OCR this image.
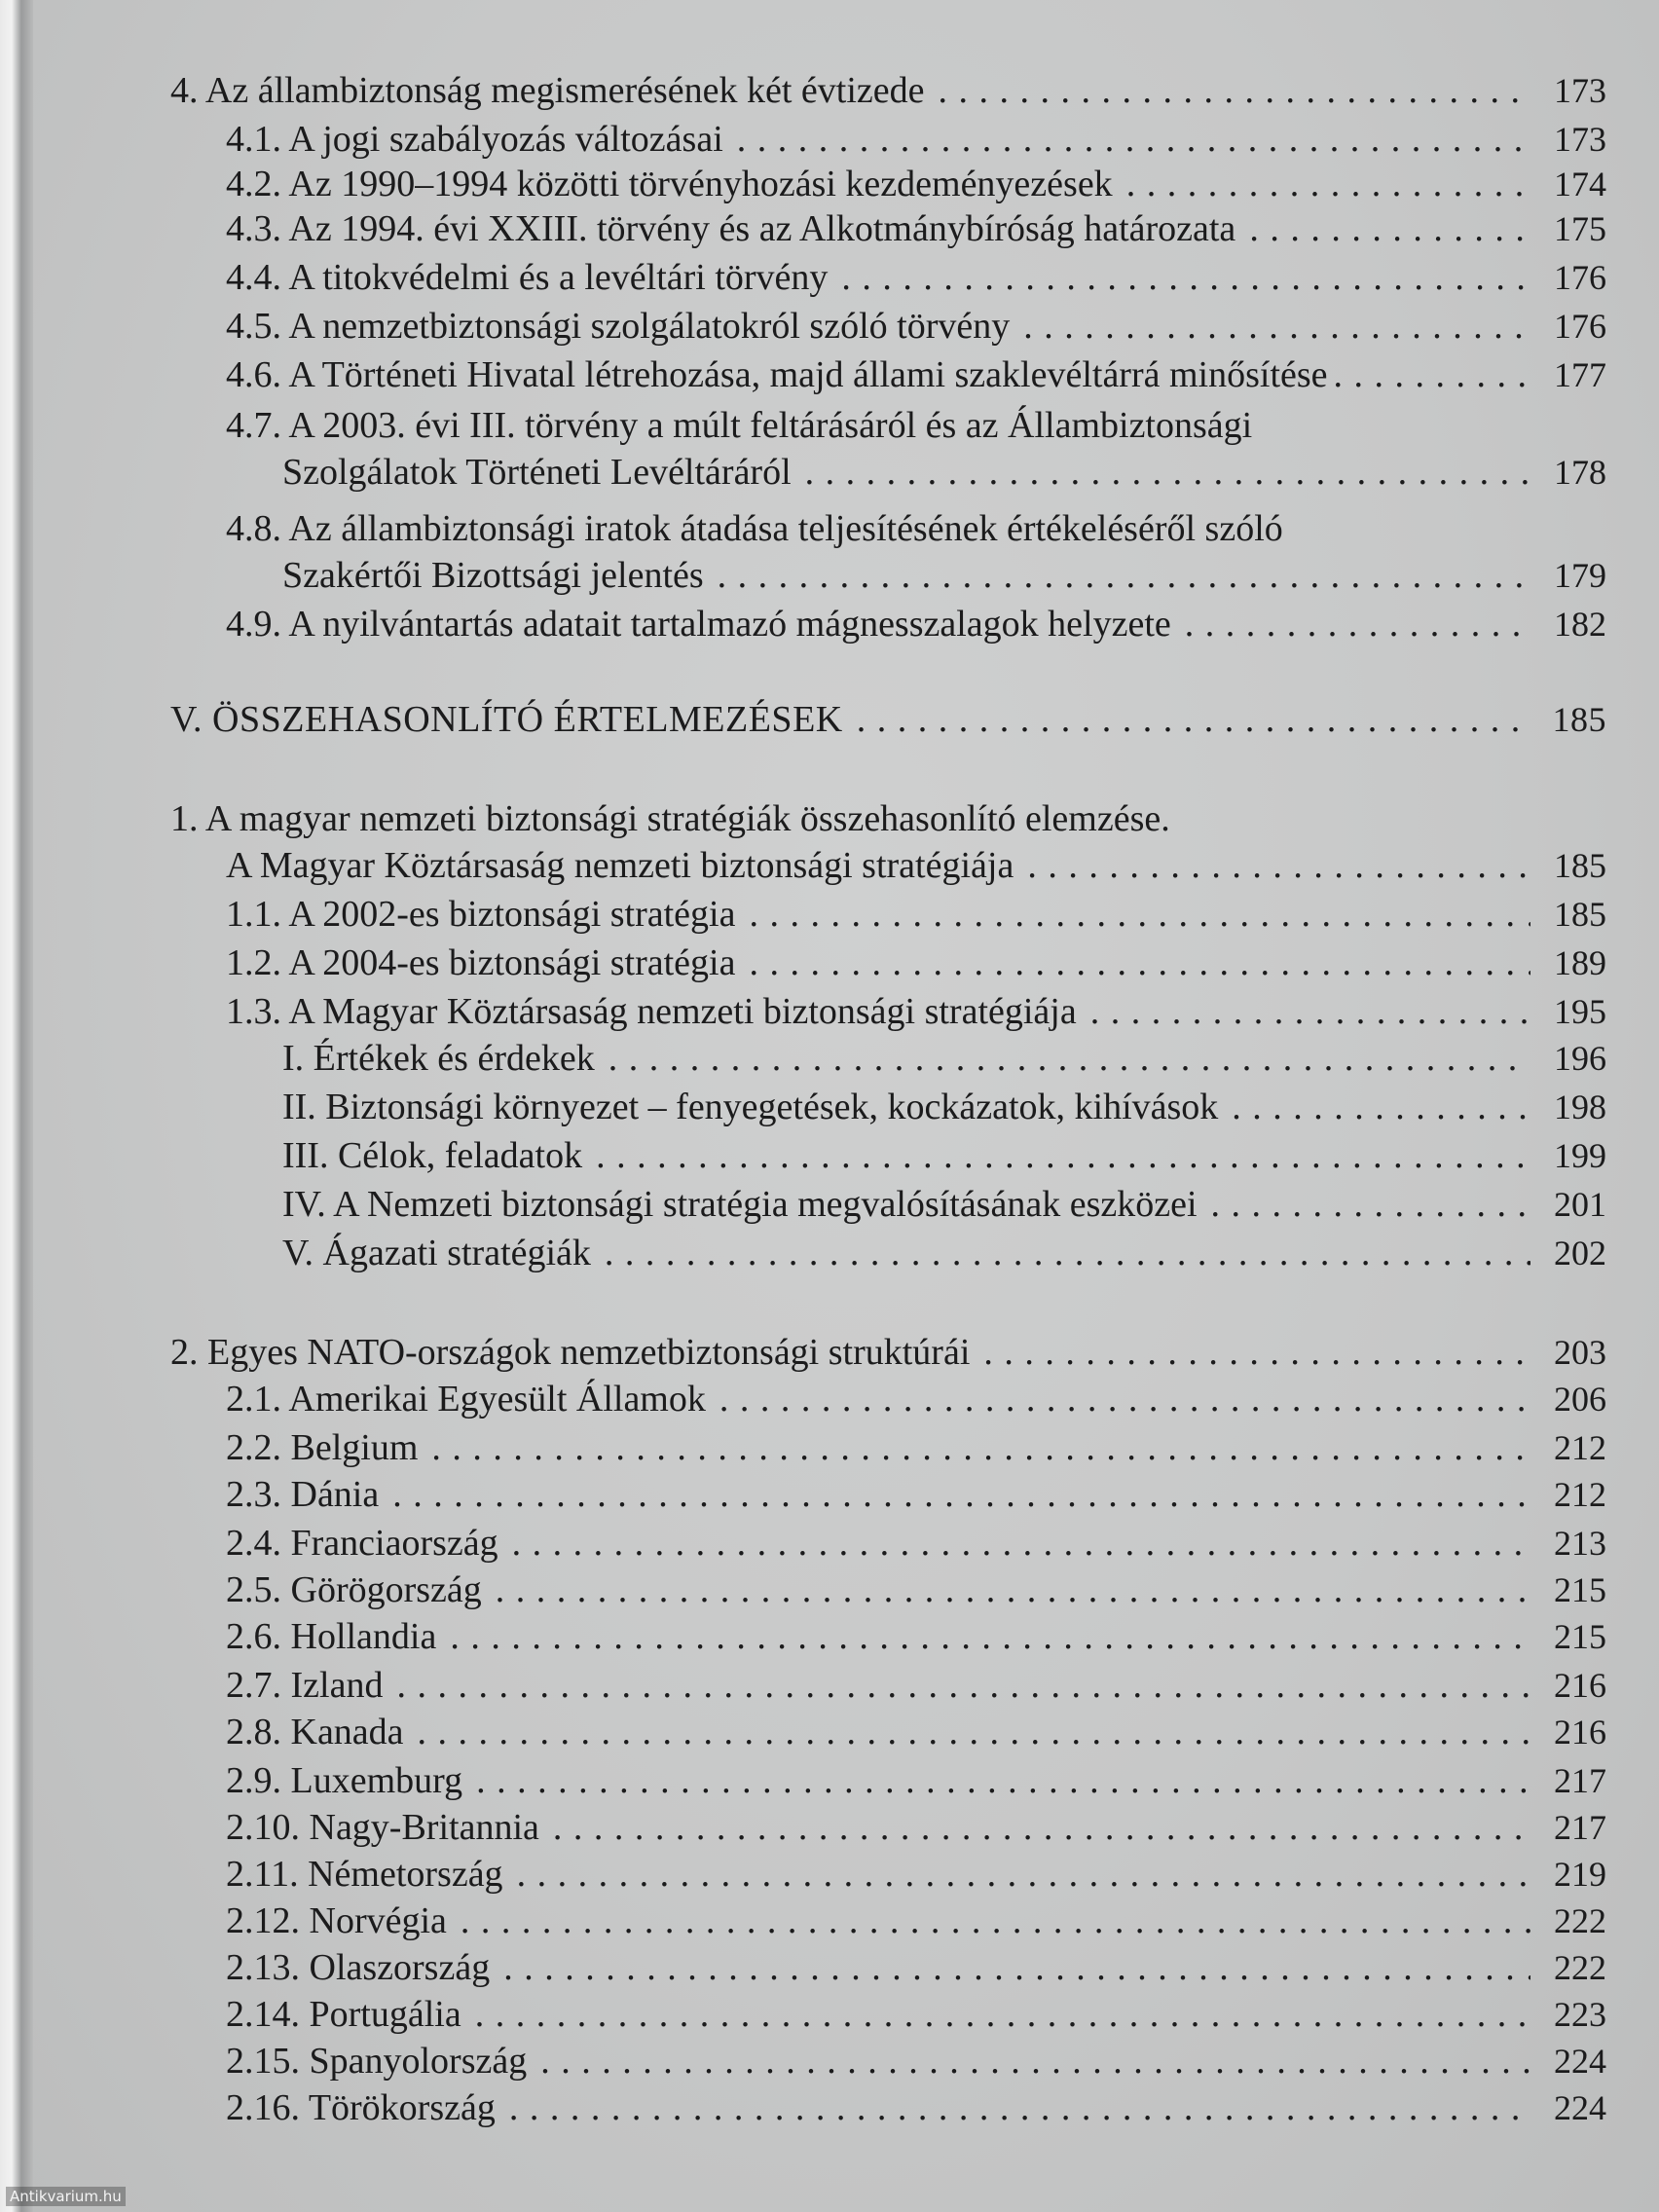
4. Az állambiztonság megismerésének két évtizede . . .	173
4.1. A jogi szabályozás változásai . . .	173
4.2. Az 1990–1994 közötti törvényhozási kezdeményezések . . .	174
4.3. Az 1994. évi XXIII. törvény és az Alkotmánybíróság határozata . . .	175
4.4. A titokvédelmi és a levéltári törvény . . .	176
4.5. A nemzetbiztonsági szolgálatokról szóló törvény . . .	176
4.6. A Történeti Hivatal létrehozása, majd állami szaklevéltárrá minősítése . . .	177
4.7. A 2003. évi III. törvény a múlt feltárásáról és az Állambiztonsági
Szolgálatok Történeti Levéltáráról . . .	178
4.8. Az állambiztonsági iratok átadása teljesítésének értékeléséről szóló
Szakértői Bizottsági jelentés . . .	179
4.9. A nyilvántartás adatait tartalmazó mágnesszalagok helyzete . . .	182
V. ÖSSZEHASONLÍTÓ ÉRTELMEZÉSEK . . .	185
1. A magyar nemzeti biztonsági stratégiák összehasonlító elemzése.
A Magyar Köztársaság nemzeti biztonsági stratégiája . . .	185
1.1. A 2002-es biztonsági stratégia . . .	185
1.2. A 2004-es biztonsági stratégia . . .	189
1.3. A Magyar Köztársaság nemzeti biztonsági stratégiája . . .	195
I. Értékek és érdekek . . .	196
II. Biztonsági környezet – fenyegetések, kockázatok, kihívások . . .	198
III. Célok, feladatok . . .	199
IV. A Nemzeti biztonsági stratégia megvalósításának eszközei . . .	201
V. Ágazati stratégiák . . .	202
2. Egyes NATO-országok nemzetbiztonsági struktúrái . . .	203
2.1. Amerikai Egyesült Államok . . .	206
2.2. Belgium . . .	212
2.3. Dánia . . .	212
2.4. Franciaország . . .	213
2.5. Görögország . . .	215
2.6. Hollandia . . .	215
2.7. Izland . . .	216
2.8. Kanada . . .	216
2.9. Luxemburg . . .	217
2.10. Nagy-Britannia . . .	217
2.11. Németország . . .	219
2.12. Norvégia . . .	222
2.13. Olaszország . . .	222
2.14. Portugália . . .	223
2.15. Spanyolország . . .	224
2.16. Törökország . . .	224
Antikvarium.hu
